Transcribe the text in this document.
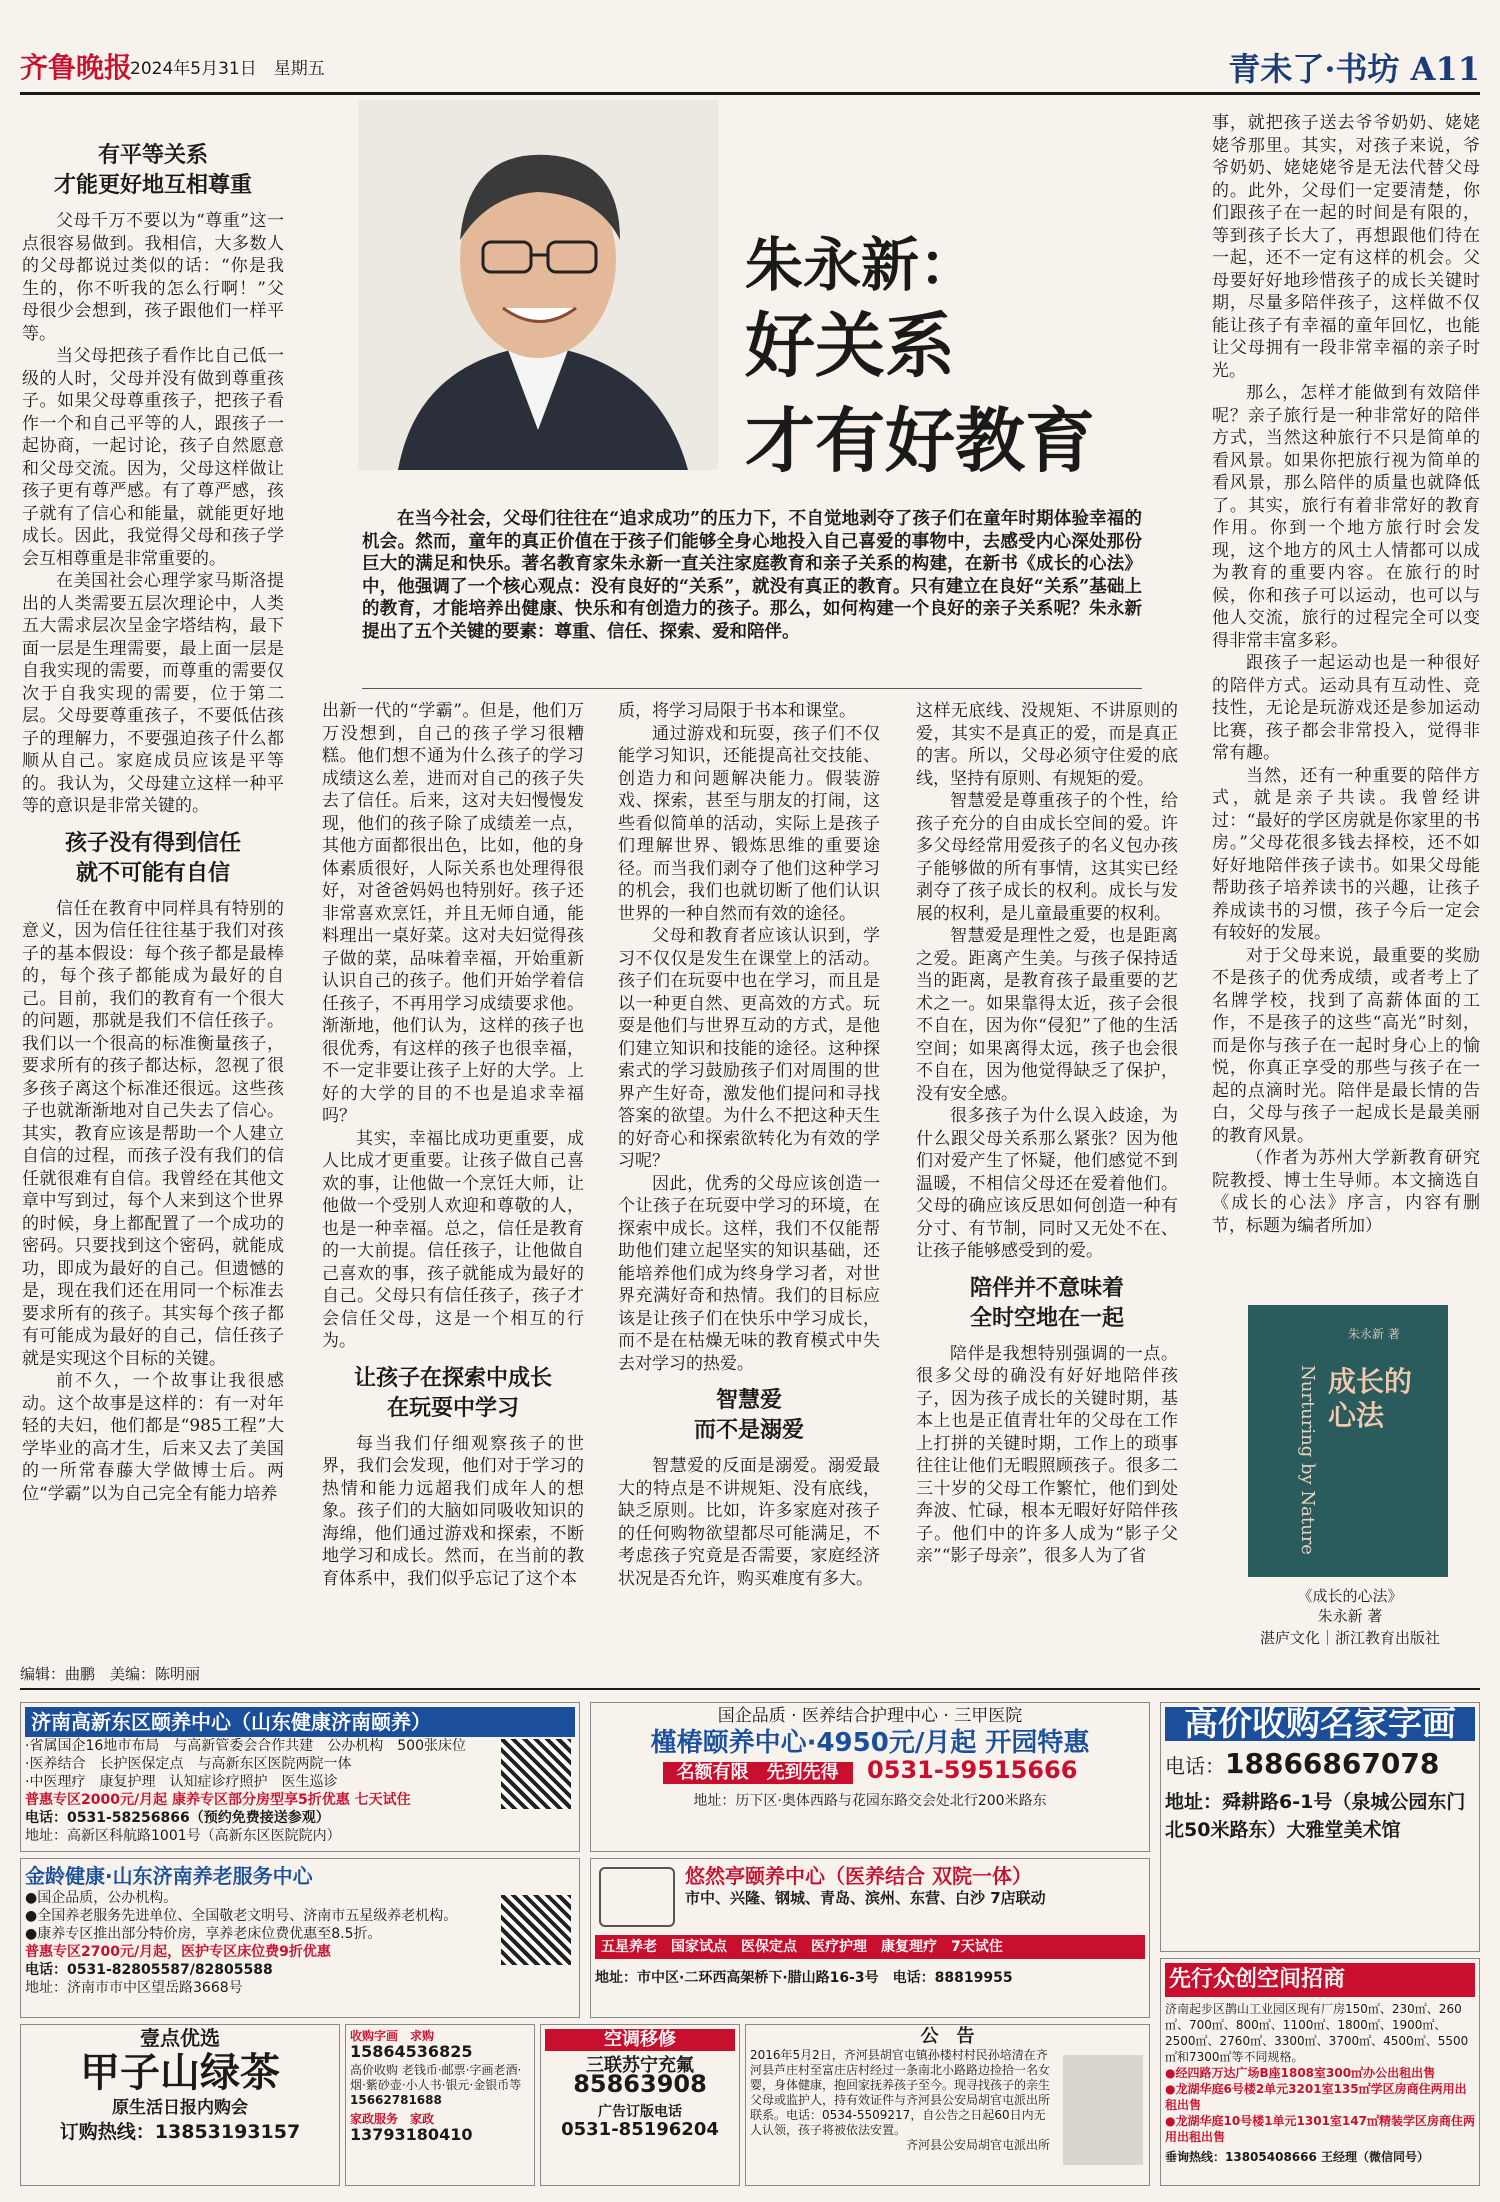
齐鲁晚报
2024年5月31日　星期五	青未了·书坊 A11
有平等关系
才能更好地互相尊重

父母千万不要以为“尊重”这一点很容易做到。我相信，大多数人的父母都说过类似的话：“你是我生的，你不听我的怎么行啊！”父母很少会想到，孩子跟他们一样平等。

当父母把孩子看作比自己低一级的人时，父母并没有做到尊重孩子。如果父母尊重孩子，把孩子看作一个和自己平等的人，跟孩子一起协商，一起讨论，孩子自然愿意和父母交流。因为，父母这样做让孩子更有尊严感。有了尊严感，孩子就有了信心和能量，就能更好地成长。因此，我觉得父母和孩子学会互相尊重是非常重要的。

在美国社会心理学家马斯洛提出的人类需要五层次理论中，人类五大需求层次呈金字塔结构，最下面一层是生理需要，最上面一层是自我实现的需要，而尊重的需要仅次于自我实现的需要，位于第二层。父母要尊重孩子，不要低估孩子的理解力，不要强迫孩子什么都顺从自己。家庭成员应该是平等的。我认为，父母建立这样一种平等的意识是非常关键的。

孩子没有得到信任
就不可能有自信

信任在教育中同样具有特别的意义，因为信任往往基于我们对孩子的基本假设：每个孩子都是最棒的，每个孩子都能成为最好的自己。目前，我们的教育有一个很大的问题，那就是我们不信任孩子。我们以一个很高的标准衡量孩子，要求所有的孩子都达标，忽视了很多孩子离这个标准还很远。这些孩子也就渐渐地对自己失去了信心。其实，教育应该是帮助一个人建立自信的过程，而孩子没有我们的信任就很难有自信。我曾经在其他文章中写到过，每个人来到这个世界的时候，身上都配置了一个成功的密码。只要找到这个密码，就能成功，即成为最好的自己。但遗憾的是，现在我们还在用同一个标准去要求所有的孩子。其实每个孩子都有可能成为最好的自己，信任孩子就是实现这个目标的关键。

前不久，一个故事让我很感动。这个故事是这样的：有一对年轻的夫妇，他们都是“985工程”大学毕业的高才生，后来又去了美国的一所常春藤大学做博士后。两位“学霸”以为自己完全有能力培养

朱永新：
好关系
才有好教育
在当今社会，父母们往往在“追求成功”的压力下，不自觉地剥夺了孩子们在童年时期体验幸福的机会。然而，童年的真正价值在于孩子们能够全身心地投入自己喜爱的事物中，去感受内心深处那份巨大的满足和快乐。著名教育家朱永新一直关注家庭教育和亲子关系的构建，在新书《成长的心法》中，他强调了一个核心观点：没有良好的“关系”，就没有真正的教育。只有建立在良好“关系”基础上的教育，才能培养出健康、快乐和有创造力的孩子。那么，如何构建一个良好的亲子关系呢？朱永新提出了五个关键的要素：尊重、信任、探索、爱和陪伴。

出新一代的“学霸”。但是，他们万万没想到，自己的孩子学习很糟糕。他们想不通为什么孩子的学习成绩这么差，进而对自己的孩子失去了信任。后来，这对夫妇慢慢发现，他们的孩子除了成绩差一点，其他方面都很出色，比如，他的身体素质很好，人际关系也处理得很好，对爸爸妈妈也特别好。孩子还非常喜欢烹饪，并且无师自通，能料理出一桌好菜。这对夫妇觉得孩子做的菜，品味着幸福，开始重新认识自己的孩子。他们开始学着信任孩子，不再用学习成绩要求他。渐渐地，他们认为，这样的孩子也很优秀，有这样的孩子也很幸福，不一定非要让孩子上好的大学。上好的大学的目的不也是追求幸福吗？

其实，幸福比成功更重要，成人比成才更重要。让孩子做自己喜欢的事，让他做一个烹饪大师，让他做一个受别人欢迎和尊敬的人，也是一种幸福。总之，信任是教育的一大前提。信任孩子，让他做自己喜欢的事，孩子就能成为最好的自己。父母只有信任孩子，孩子才会信任父母，这是一个相互的行为。

让孩子在探索中成长
在玩耍中学习

每当我们仔细观察孩子的世界，我们会发现，他们对于学习的热情和能力远超我们成年人的想象。孩子们的大脑如同吸收知识的海绵，他们通过游戏和探索，不断地学习和成长。然而，在当前的教育体系中，我们似乎忘记了这个本

质，将学习局限于书本和课堂。

通过游戏和玩耍，孩子们不仅能学习知识，还能提高社交技能、创造力和问题解决能力。假装游戏、探索，甚至与朋友的打闹，这些看似简单的活动，实际上是孩子们理解世界、锻炼思维的重要途径。而当我们剥夺了他们这种学习的机会，我们也就切断了他们认识世界的一种自然而有效的途径。

父母和教育者应该认识到，学习不仅仅是发生在课堂上的活动。孩子们在玩耍中也在学习，而且是以一种更自然、更高效的方式。玩耍是他们与世界互动的方式，是他们建立知识和技能的途径。这种探索式的学习鼓励孩子们对周围的世界产生好奇，激发他们提问和寻找答案的欲望。为什么不把这种天生的好奇心和探索欲转化为有效的学习呢？

因此，优秀的父母应该创造一个让孩子在玩耍中学习的环境，在探索中成长。这样，我们不仅能帮助他们建立起坚实的知识基础，还能培养他们成为终身学习者，对世界充满好奇和热情。我们的目标应该是让孩子们在快乐中学习成长，而不是在枯燥无味的教育模式中失去对学习的热爱。

智慧爱
而不是溺爱

智慧爱的反面是溺爱。溺爱最大的特点是不讲规矩、没有底线，缺乏原则。比如，许多家庭对孩子的任何购物欲望都尽可能满足，不考虑孩子究竟是否需要，家庭经济状况是否允许，购买难度有多大。

这样无底线、没规矩、不讲原则的爱，其实不是真正的爱，而是真正的害。所以，父母必须守住爱的底线，坚持有原则、有规矩的爱。

智慧爱是尊重孩子的个性，给孩子充分的自由成长空间的爱。许多父母经常用爱孩子的名义包办孩子能够做的所有事情，这其实已经剥夺了孩子成长的权利。成长与发展的权利，是儿童最重要的权利。

智慧爱是理性之爱，也是距离之爱。距离产生美。与孩子保持适当的距离，是教育孩子最重要的艺术之一。如果靠得太近，孩子会很不自在，因为你“侵犯”了他的生活空间；如果离得太远，孩子也会很不自在，因为他觉得缺乏了保护，没有安全感。

很多孩子为什么误入歧途，为什么跟父母关系那么紧张？因为他们对爱产生了怀疑，他们感觉不到温暖，不相信父母还在爱着他们。父母的确应该反思如何创造一种有分寸、有节制，同时又无处不在、让孩子能够感受到的爱。

陪伴并不意味着
全时空地在一起

陪伴是我想特别强调的一点。很多父母的确没有好好地陪伴孩子，因为孩子成长的关键时期，基本上也是正值青壮年的父母在工作上打拼的关键时期，工作上的琐事往往让他们无暇照顾孩子。很多二三十岁的父母工作繁忙，他们到处奔波、忙碌，根本无暇好好陪伴孩子。他们中的许多人成为“影子父亲”“影子母亲”，很多人为了省

事，就把孩子送去爷爷奶奶、姥姥姥爷那里。其实，对孩子来说，爷爷奶奶、姥姥姥爷是无法代替父母的。此外，父母们一定要清楚，你们跟孩子在一起的时间是有限的，等到孩子长大了，再想跟他们待在一起，还不一定有这样的机会。父母要好好地珍惜孩子的成长关键时期，尽量多陪伴孩子，这样做不仅能让孩子有幸福的童年回忆，也能让父母拥有一段非常幸福的亲子时光。

那么，怎样才能做到有效陪伴呢？亲子旅行是一种非常好的陪伴方式，当然这种旅行不只是简单的看风景。如果你把旅行视为简单的看风景，那么陪伴的质量也就降低了。其实，旅行有着非常好的教育作用。你到一个地方旅行时会发现，这个地方的风土人情都可以成为教育的重要内容。在旅行的时候，你和孩子可以运动，也可以与他人交流，旅行的过程完全可以变得非常丰富多彩。

跟孩子一起运动也是一种很好的陪伴方式。运动具有互动性、竞技性，无论是玩游戏还是参加运动比赛，孩子都会非常投入，觉得非常有趣。

当然，还有一种重要的陪伴方式，就是亲子共读。我曾经讲过：“最好的学区房就是你家里的书房。”父母花很多钱去择校，还不如好好地陪伴孩子读书。如果父母能帮助孩子培养读书的兴趣，让孩子养成读书的习惯，孩子今后一定会有较好的发展。

对于父母来说，最重要的奖励不是孩子的优秀成绩，或者考上了名牌学校，找到了高薪体面的工作，不是孩子的这些“高光”时刻，而是你与孩子在一起时身心上的愉悦，你真正享受的那些与孩子在一起的点滴时光。陪伴是最长情的告白，父母与孩子一起成长是最美丽的教育风景。

（作者为苏州大学新教育研究院教授、博士生导师。本文摘选自《成长的心法》序言，内容有删节，标题为编者所加）

成长的心法
Nurturing by Nature
朱永新 著
《成长的心法》
朱永新 著
湛庐文化｜浙江教育出版社
编辑：曲鹏　美编：陈明丽
济南高新东区颐养中心（山东健康济南颐养）
·省属国企16地市布局　与高新管委会合作共建　公办机构　500张床位
·医养结合　长护医保定点　与高新东区医院两院一体
·中医理疗　康复护理　认知症诊疗照护　医生巡诊
普惠专区2000元/月起 康养专区部分房型享5折优惠 七天试住
电话：0531-58256866（预约免费接送参观）
地址：高新区科航路1001号（高新东区医院院内）
国企品质 · 医养结合护理中心 · 三甲医院
槿椿颐养中心·4950元/月起 开园特惠
名额有限　先到先得 0531-59515666
地址：历下区·奥体西路与花园东路交会处北行200米路东
高价收购名家字画
电话：18866867078
地址：舜耕路6-1号（泉城公园东门北50米路东）大雅堂美术馆
金龄健康·山东济南养老服务中心
●国企品质，公办机构。
●全国养老服务先进单位、全国敬老文明号、济南市五星级养老机构。
●康养专区推出部分特价房，享养老床位费优惠至8.5折。
普惠专区2700元/月起，医护专区床位费9折优惠
电话：0531-82805587/82805588
地址：济南市市中区望岳路3668号
悠然亭颐养中心（医养结合 双院一体）
市中、兴隆、钢城、青岛、滨州、东营、白沙 7店联动
五星养老　国家试点　医保定点　医疗护理　康复理疗　7天试住
地址：市中区·二环西高架桥下·腊山路16-3号　电话：88819955	先行众创空间招商
济南起步区鹊山工业园区现有厂房150㎡、230㎡、260㎡、700㎡、800㎡、1100㎡、1800㎡、1900㎡、2500㎡、2760㎡、3300㎡、3700㎡、4500㎡、5500㎡和7300㎡等不同规格。
●经四路万达广场B座1808室300㎡办公出租出售
●龙湖华庭6号楼2单元3201室135㎡学区房商住两用出租出售
●龙湖华庭10号楼1单元1301室147㎡精装学区房商住两用出租出售
垂询热线：13805408666 王经理（微信同号）
壹点优选
甲子山绿茶
原生活日报内购会
订购热线：13853193157
收购字画　求购
15864536825
高价收购 老钱币·邮票·字画老酒·烟·紫砂壶·小人书·银元·金银币等
15662781688
家政服务　家政
13793180410
空调移修
三联苏宁充氟
85863908
广告订版电话
0531-85196204
公　告
2016年5月2日，齐河县胡官屯镇孙楼村村民孙培清在齐河县芦庄村至富庄店村经过一条南北小路路边捡拾一名女婴，身体健康，抱回家抚养孩子至今。现寻找孩子的亲生父母或监护人，持有效证件与齐河县公安局胡官屯派出所联系。电话：0534-5509217，自公告之日起60日内无人认领，孩子将被依法安置。
齐河县公安局胡官屯派出所
